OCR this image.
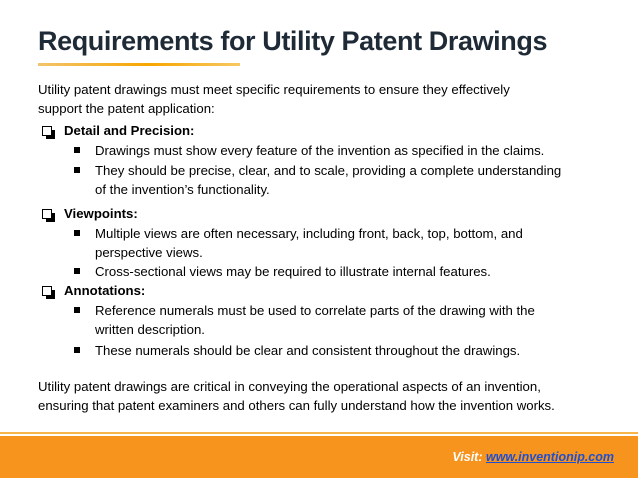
Requirements for Utility Patent Drawings
Utility patent drawings must meet specific requirements to ensure they effectively
support the patent application:
Detail and Precision:
Drawings must show every feature of the invention as specified in the claims.
They should be precise, clear, and to scale, providing a complete understanding
of the invention’s functionality.
Viewpoints:
Multiple views are often necessary, including front, back, top, bottom, and
perspective views.
Cross-sectional views may be required to illustrate internal features.
Annotations:
Reference numerals must be used to correlate parts of the drawing with the
written description.
These numerals should be clear and consistent throughout the drawings.
Utility patent drawings are critical in conveying the operational aspects of an invention,
ensuring that patent examiners and others can fully understand how the invention works.
Visit: www.inventionip.com
